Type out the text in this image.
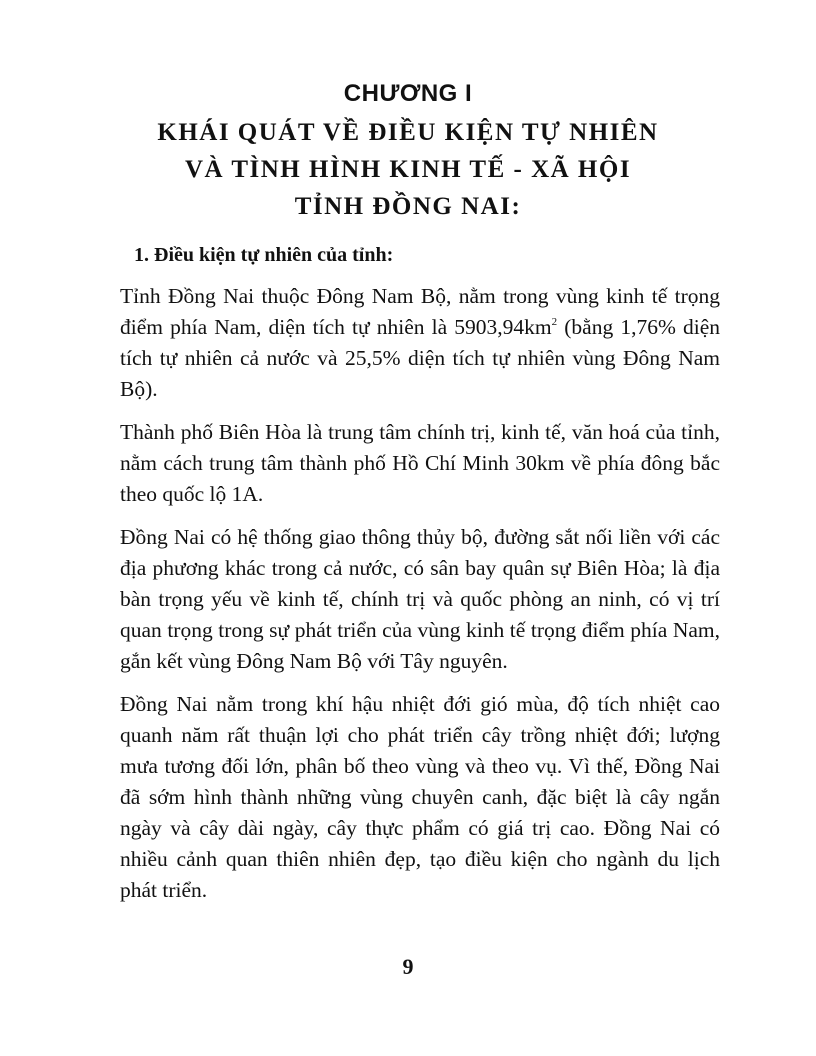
CHƯƠNG I
KHÁI QUÁT VỀ ĐIỀU KIỆN TỰ NHIÊN
VÀ TÌNH HÌNH KINH TẾ - XÃ HỘI
TỈNH ĐỒNG NAI:
1. Điều kiện tự nhiên của tỉnh:

Tỉnh Đồng Nai thuộc Đông Nam Bộ, nằm trong vùng kinh tế trọng điểm phía Nam, diện tích tự nhiên là $5903,94km^2$ (bằng 1,76% diện tích tự nhiên cả nước và 25,5% diện tích tự nhiên vùng Đông Nam Bộ).

Thành phố Biên Hòa là trung tâm chính trị, kinh tế, văn hoá của tỉnh, nằm cách trung tâm thành phố Hồ Chí Minh 30km về phía đông bắc theo quốc lộ 1A.

Đồng Nai có hệ thống giao thông thủy bộ, đường sắt nối liền với các địa phương khác trong cả nước, có sân bay quân sự Biên Hòa; là địa bàn trọng yếu về kinh tế, chính trị và quốc phòng an ninh, có vị trí quan trọng trong sự phát triển của vùng kinh tế trọng điểm phía Nam, gắn kết vùng Đông Nam Bộ với Tây nguyên.

Đồng Nai nằm trong khí hậu nhiệt đới gió mùa, độ tích nhiệt cao quanh năm rất thuận lợi cho phát triển cây trồng nhiệt đới; lượng mưa tương đối lớn, phân bố theo vùng và theo vụ. Vì thế, Đồng Nai đã sớm hình thành những vùng chuyên canh, đặc biệt là cây ngắn ngày và cây dài ngày, cây thực phẩm có giá trị cao. Đồng Nai có nhiều cảnh quan thiên nhiên đẹp, tạo điều kiện cho ngành du lịch phát triển.

9
